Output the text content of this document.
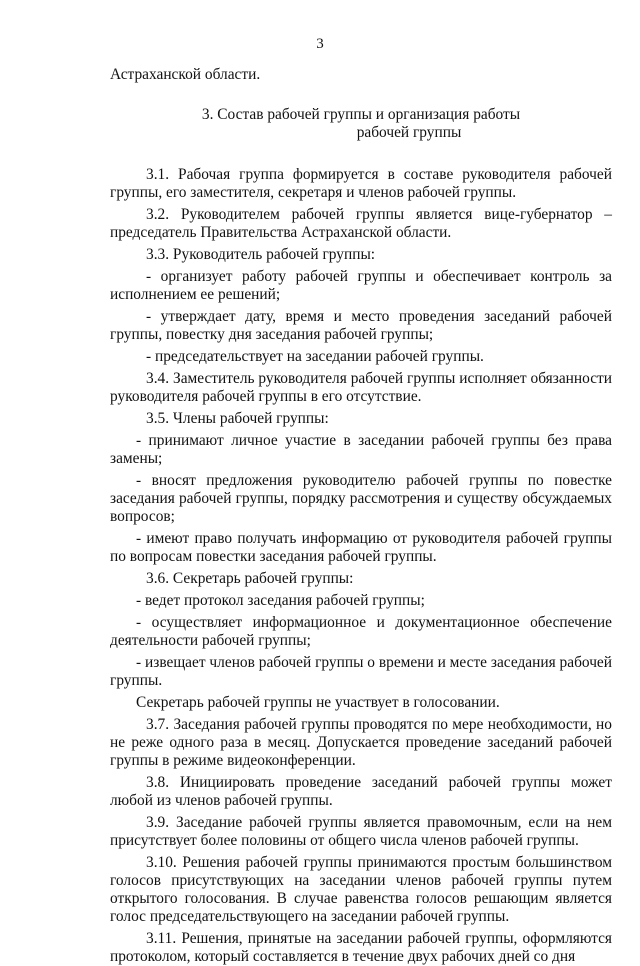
3

Астраханской области.

3. Состав рабочей группы и организация работы
рабочей группы

3.1. Рабочая группа формируется в составе руководителя рабочей группы, его заместителя, секретаря и членов рабочей группы.

3.2. Руководителем рабочей группы является вице-губернатор – председатель Правительства Астраханской области.

3.3. Руководитель рабочей группы:

- организует работу рабочей группы и обеспечивает контроль за исполнением ее решений;

- утверждает дату, время и место проведения заседаний рабочей группы, повестку дня заседания рабочей группы;

- председательствует на заседании рабочей группы.

3.4. Заместитель руководителя рабочей группы исполняет обязанности руководителя рабочей группы в его отсутствие.

3.5. Члены рабочей группы:

- принимают личное участие в заседании рабочей группы без права замены;

- вносят предложения руководителю рабочей группы по повестке заседания рабочей группы, порядку рассмотрения и существу обсуждаемых вопросов;

- имеют право получать информацию от руководителя рабочей группы по вопросам повестки заседания рабочей группы.

3.6. Секретарь рабочей группы:

- ведет протокол заседания рабочей группы;

- осуществляет информационное и документационное обеспечение деятельности рабочей группы;

- извещает членов рабочей группы о времени и месте заседания рабочей группы.

Секретарь рабочей группы не участвует в голосовании.

3.7. Заседания рабочей группы проводятся по мере необходимости, но не реже одного раза в месяц. Допускается проведение заседаний рабочей группы в режиме видеоконференции.

3.8. Инициировать проведение заседаний рабочей группы может любой из членов рабочей группы.

3.9. Заседание рабочей группы является правомочным, если на нем присутствует более половины от общего числа членов рабочей группы.

3.10. Решения рабочей группы принимаются простым большинством голосов присутствующих на заседании членов рабочей группы путем открытого голосования. В случае равенства голосов решающим является голос председательствующего на заседании рабочей группы.

3.11. Решения, принятые на заседании рабочей группы, оформляются протоколом, который составляется в течение двух рабочих дней со дня
